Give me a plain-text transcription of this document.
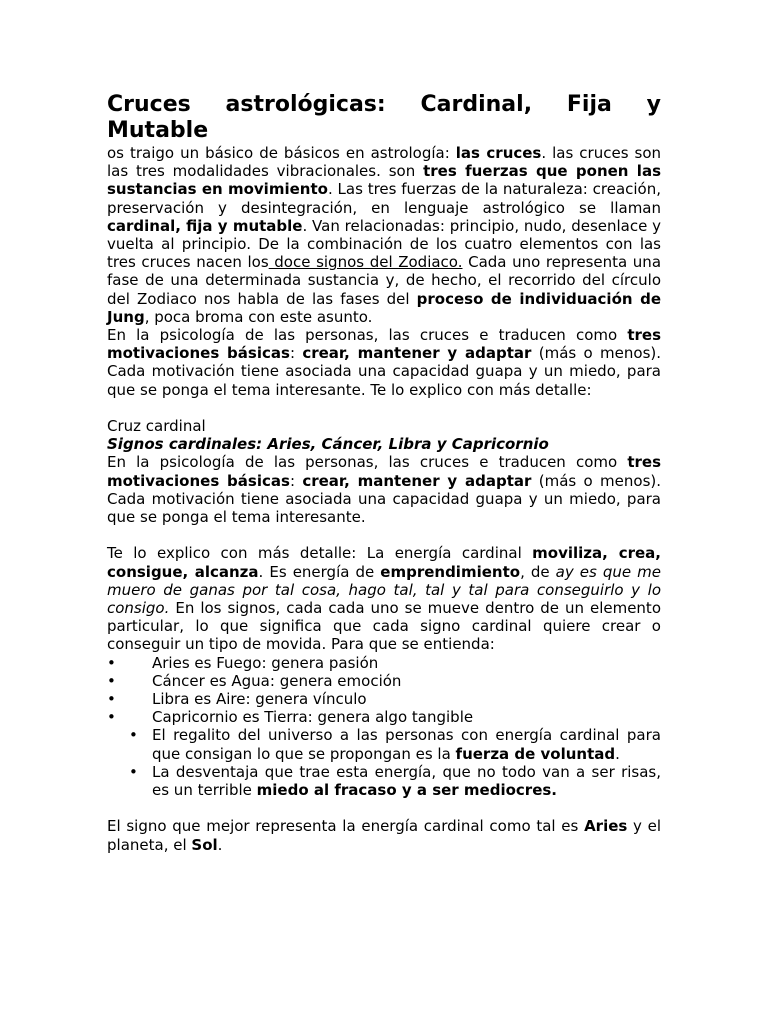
Cruces astrológicas: Cardinal, Fija y Mutable

os traigo un básico de básicos en astrología: las cruces. las cruces son las tres modalidades vibracionales. son tres fuerzas que ponen las sustancias en movimiento. Las tres fuerzas de la naturaleza: creación, preservación y desintegración, en lenguaje astrológico se llaman cardinal, fija y mutable. Van relacionadas: principio, nudo, desenlace y vuelta al principio. De la combinación de los cuatro elementos con las tres cruces nacen los doce signos del Zodiaco. Cada uno representa una fase de una determinada sustancia y, de hecho, el recorrido del círculo del Zodiaco nos habla de las fases del proceso de individuación de Jung, poca broma con este asunto.

En la psicología de las personas, las cruces e traducen como tres motivaciones básicas: crear, mantener y adaptar (más o menos). Cada motivación tiene asociada una capacidad guapa y un miedo, para que se ponga el tema interesante. Te lo explico con más detalle:

Cruz cardinal

Signos cardinales: Aries, Cáncer, Libra y Capricornio

En la psicología de las personas, las cruces e traducen como tres motivaciones básicas: crear, mantener y adaptar (más o menos). Cada motivación tiene asociada una capacidad guapa y un miedo, para que se ponga el tema interesante.

Te lo explico con más detalle: La energía cardinal moviliza, crea, consigue, alcanza. Es energía de emprendimiento, de ay es que me muero de ganas por tal cosa, hago tal, tal y tal para conseguirlo y lo consigo. En los signos, cada cada uno se mueve dentro de un elemento particular, lo que significa que cada signo cardinal quiere crear o conseguir un tipo de movida. Para que se entienda:

• Aries es Fuego: genera pasión
• Cáncer es Agua: genera emoción
• Libra es Aire: genera vínculo
• Capricornio es Tierra: genera algo tangible
• El regalito del universo a las personas con energía cardinal para que consigan lo que se propongan es la fuerza de voluntad.
• La desventaja que trae esta energía, que no todo van a ser risas, es un terrible miedo al fracaso y a ser mediocres.

El signo que mejor representa la energía cardinal como tal es Aries y el planeta, el Sol.
